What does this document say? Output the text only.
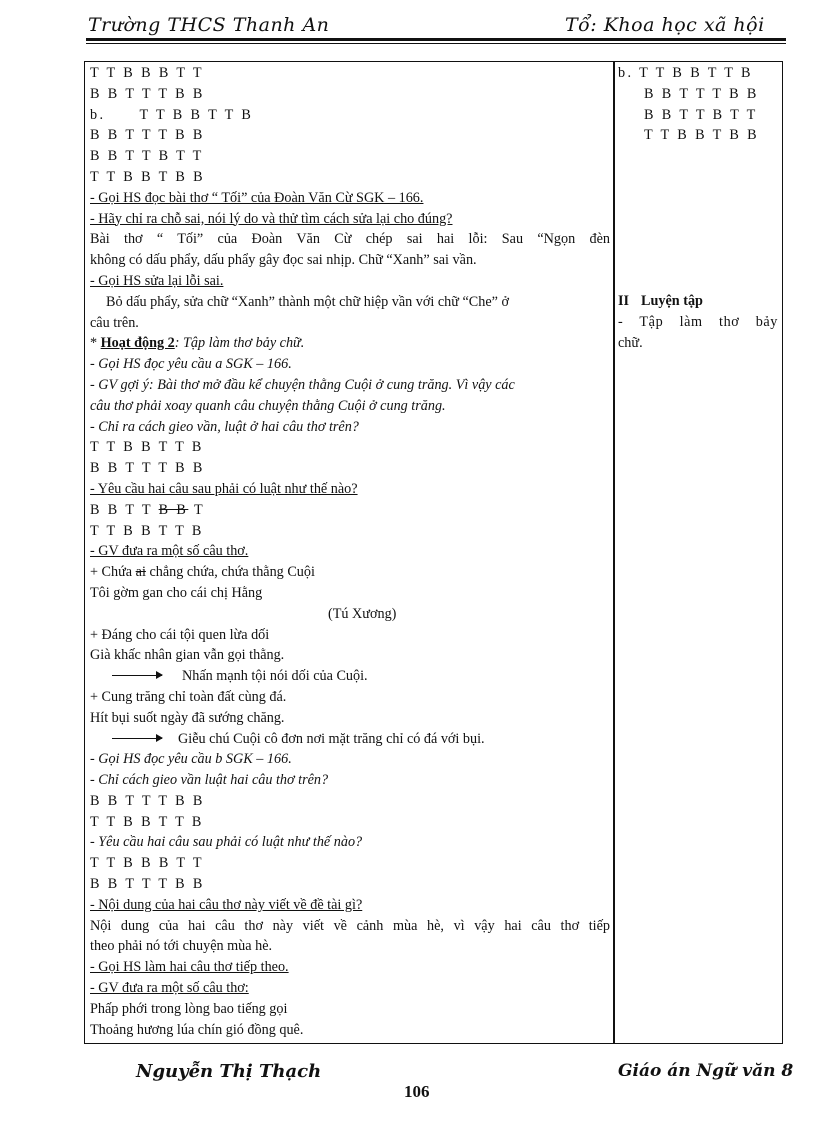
Trường THCS Thanh An	Tổ: Khoa học xã hội
T T B B B T T
B B T T T B B
b. T T B B T T B
B B T T T B B
B B T T B T T
T T B B T B B
- Gọi HS đọc bài thơ “ Tối” của Đoàn Văn Cừ SGK – 166.
- Hãy chỉ ra chỗ sai, nói lý do và thử tìm cách sửa lại cho đúng?
Bài thơ “ Tối” của Đoàn Văn Cừ chép sai hai lỗi: Sau “Ngọn đèn
không có dấu phẩy, dấu phẩy gây đọc sai nhịp. Chữ “Xanh” sai vần.
- Gọi HS sửa lại lỗi sai.
Bỏ dấu phẩy, sửa chữ “Xanh” thành một chữ hiệp vần với chữ “Che” ở
câu trên.
* Hoạt động 2: Tập làm thơ bảy chữ.
- Gọi HS đọc yêu cầu a SGK – 166.
- GV gợi ý: Bài thơ mở đầu kể chuyện thằng Cuội ở cung trăng. Vì vậy các
câu thơ phải xoay quanh câu chuyện thằng Cuội ở cung trăng.
- Chỉ ra cách gieo vần, luật ở hai câu thơ trên?
T T B B T T B
B B T T T B B
- Yêu cầu hai câu sau phải có luật như thế nào?
B B T T B B T
T T B B T T B
- GV đưa ra một số câu thơ.
+ Chứa ai chẳng chứa, chứa thằng Cuội
Tôi gờm gan cho cái chị Hằng
(Tú Xương)
+ Đáng cho cái tội quen lừa dối
Già khấc nhân gian vẫn gọi thằng.
Nhấn mạnh tội nói dối của Cuội.
+ Cung trăng chỉ toàn đất cùng đá.
Hít bụi suốt ngày đã sướng chăng.
Giễu chú Cuội cô đơn nơi mặt trăng chỉ có đá với bụi.
- Gọi HS đọc yêu cầu b SGK – 166.
- Chỉ cách gieo vần luật hai câu thơ trên?
B B T T T B B
T T B B T T B
- Yêu cầu hai câu sau phải có luật như thế nào?
T T B B B T T
B B T T T B B
- Nội dung của hai câu thơ này viết về đề tài gì?
Nội dung của hai câu thơ này viết về cảnh mùa hè, vì vậy hai câu thơ tiếp
theo phải nó tới chuyện mùa hè.
- Gọi HS làm hai câu thơ tiếp theo.
- GV đưa ra một số câu thơ:
Phấp phới trong lòng bao tiếng gọi
Thoảng hương lúa chín gió đồng quê.
b. T T B B T T B
B B T T T B B
B B T T B T T
T T B B T B B
II Luyện tập
- Tập làm thơ bảy
chữ.
Nguyễn Thị Thạch	Giáo án Ngữ văn 8
106
